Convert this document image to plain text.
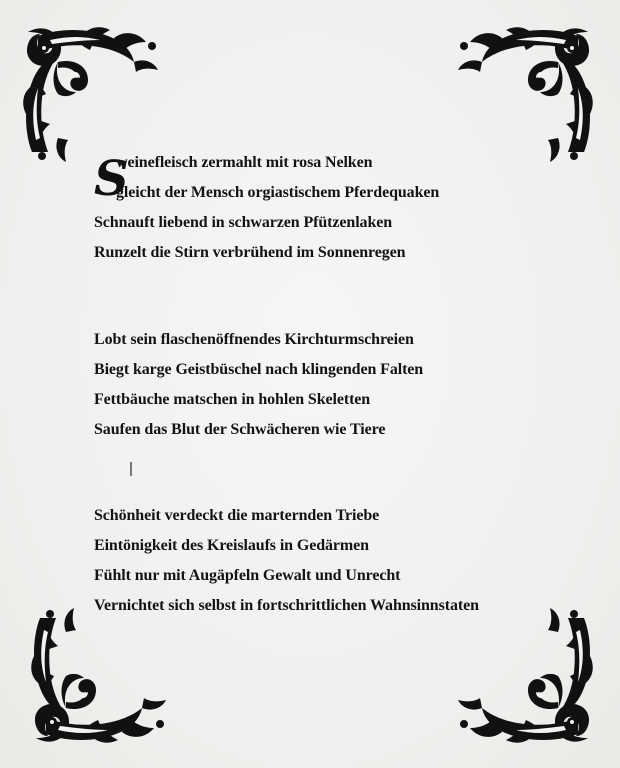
S
weinefleisch zermahlt mit rosa Nelken
gleicht der Mensch orgiastischem Pferdequaken
Schnauft liebend in schwarzen Pfützenlaken
Runzelt die Stirn verbrühend im Sonnenregen
Lobt sein flaschenöffnendes Kirchturmschreien
Biegt karge Geistbüschel nach klingenden Falten
Fettbäuche matschen in hohlen Skeletten
Saufen das Blut der Schwächeren wie Tiere
Schönheit verdeckt die marternden Triebe
Eintönigkeit des Kreislaufs in Gedärmen
Fühlt nur mit Augäpfeln Gewalt und Unrecht
Vernichtet sich selbst in fortschrittlichen Wahnsinnstaten
